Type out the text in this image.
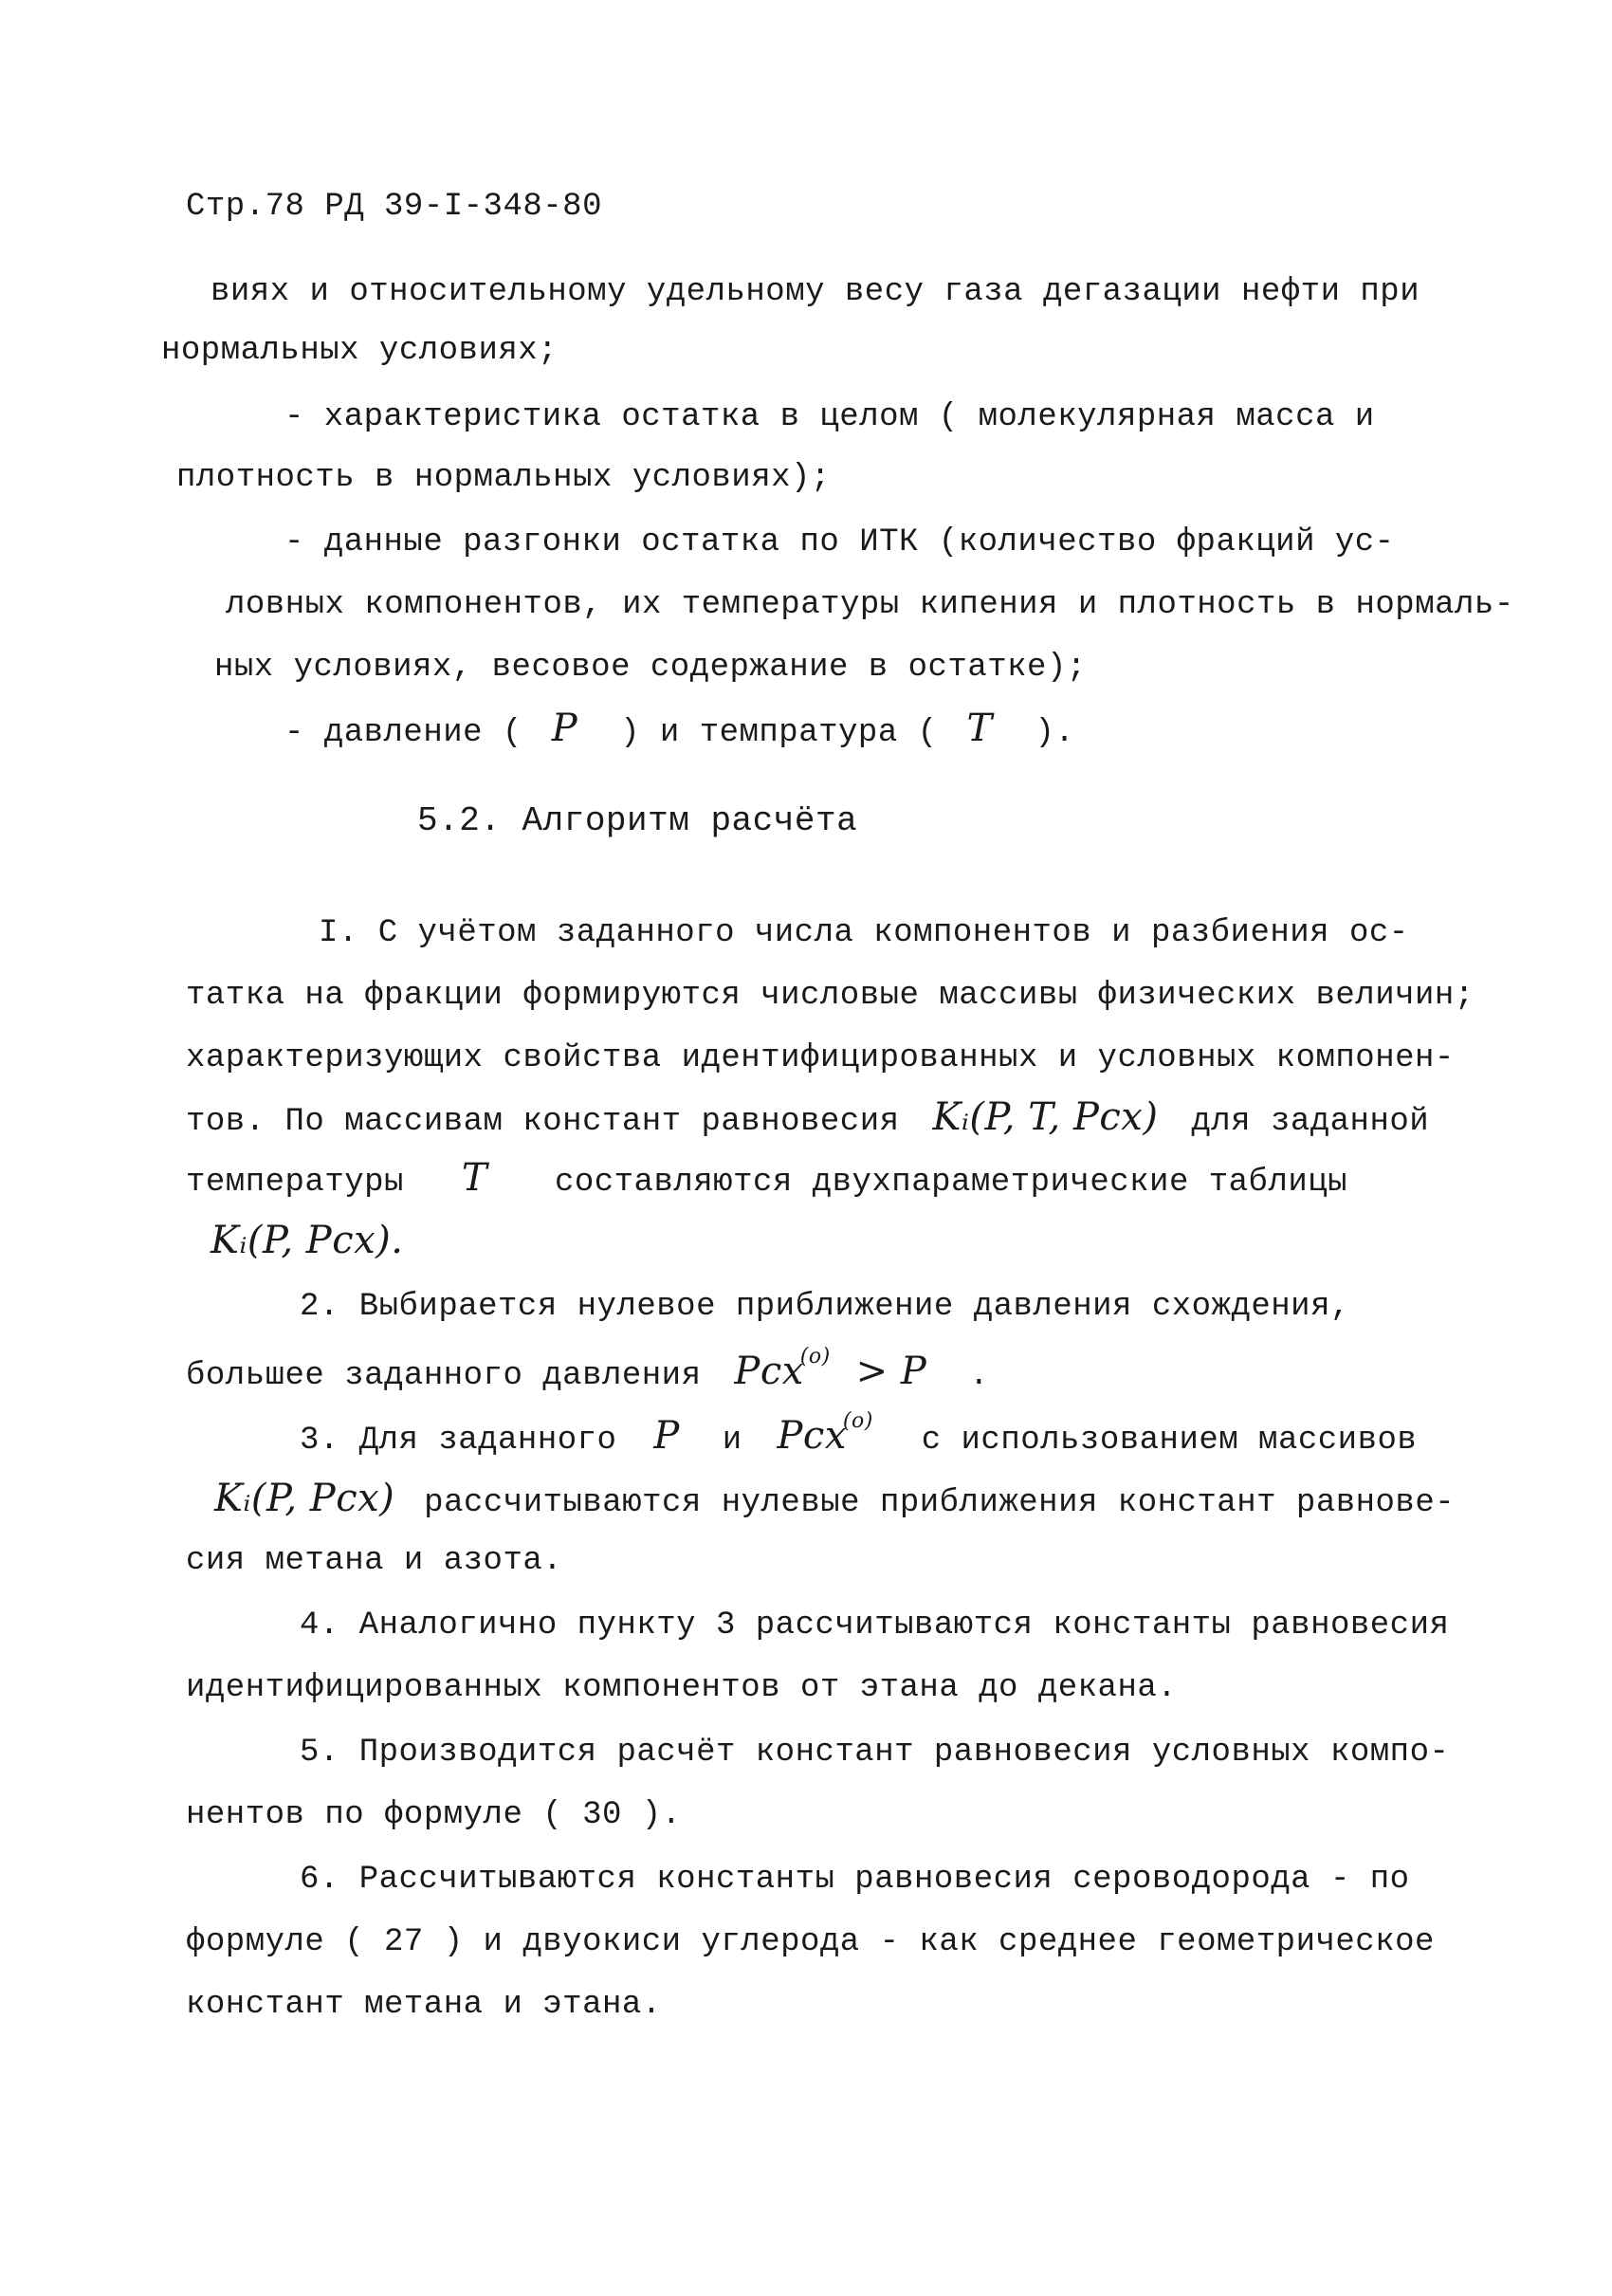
Стр.78 РД 39-I-348-80
виях и относительному удельному весу газа дегазации нефти при
нормальных условиях;
- характеристика остатка в целом ( молекулярная масса и
плотность в нормальных условиях);
- данные разгонки остатка по ИТК (количество фракций ус-
ловных компонентов, их температуры кипения и плотность в нормаль-
ных условиях, весовое содержание в остатке);
- давление ( P ) и темпратура ( T ).
5.2. Алгоритм расчёта
I. С учётом заданного числа компонентов и разбиения ос-
татка на фракции формируются числовые массивы физических величин;
характеризующих свойства идентифицированных и условных компонен-
тов. По массивам констант равновесия Kᵢ(P, T, Pсх) для заданной
температуры T составляются двухпараметрические таблицы
Kᵢ(P, Pсх).
2. Выбирается нулевое приближение давления схождения,
большее заданного давления Pсх$^{(o)}$ > P .
3. Для заданного P и Pсх$^{(o)}$ с использованием массивов
Kᵢ(P, Pсх) рассчитываются нулевые приближения констант равнове-
сия метана и азота.
4. Аналогично пункту 3 рассчитываются константы равновесия
идентифицированных компонентов от этана до декана.
5. Производится расчёт констант равновесия условных компо-
нентов по формуле ( 30 ).
6. Рассчитываются константы равновесия сероводорода - по
формуле ( 27 ) и двуокиси углерода - как среднее геометрическое
констант метана и этана.
